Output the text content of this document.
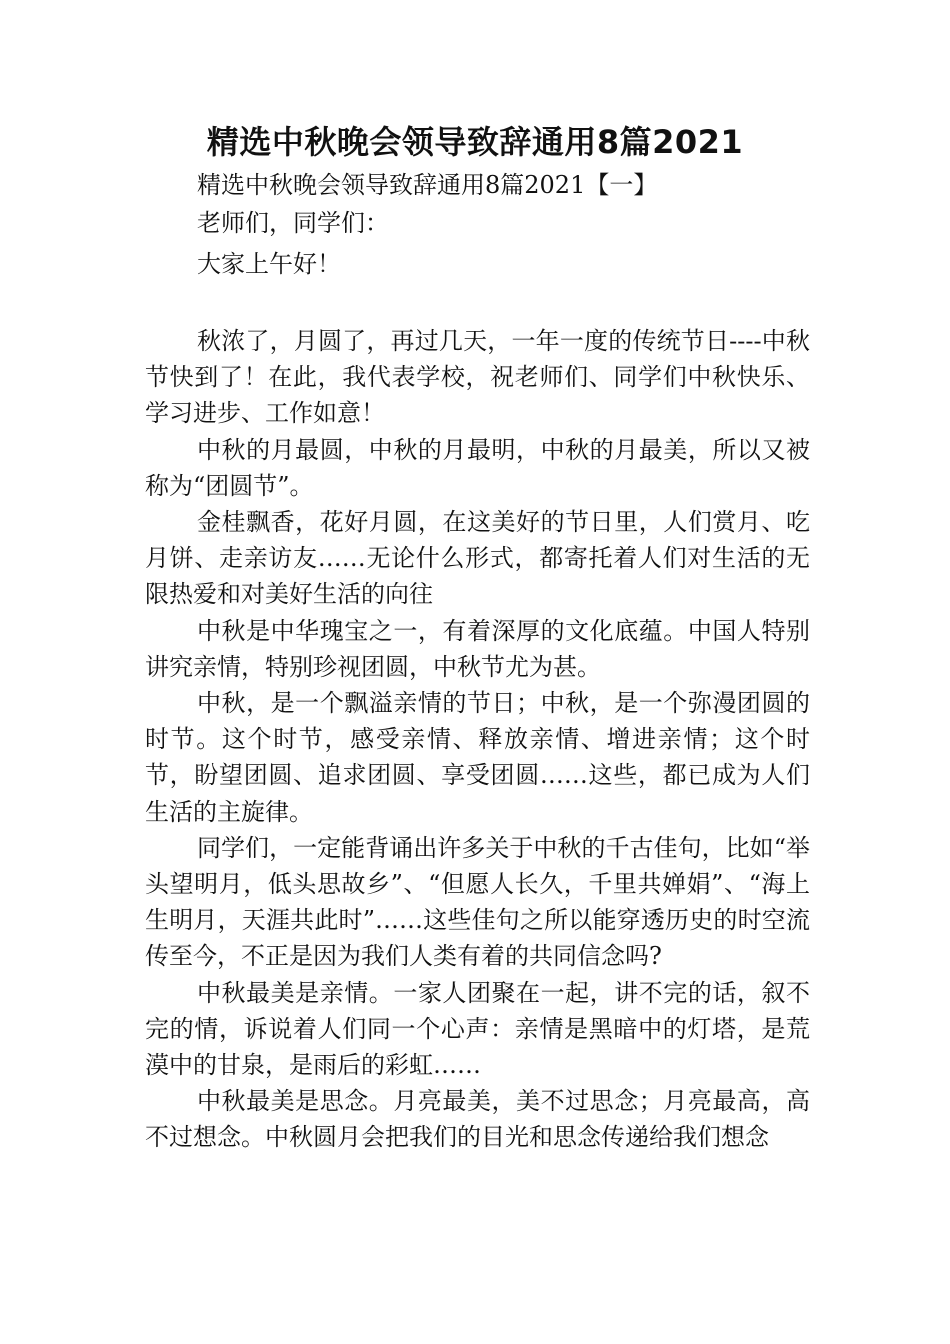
精选中秋晚会领导致辞通用8篇2021
精选中秋晚会领导致辞通用8篇2021【一】
老师们，同学们：
大家上午好！

秋浓了，月圆了，再过几天，一年一度的传统节日----中秋节快到了！在此，我代表学校，祝老师们、同学们中秋快乐、学习进步、工作如意！

中秋的月最圆，中秋的月最明，中秋的月最美，所以又被称为“团圆节”。

金桂飘香，花好月圆，在这美好的节日里，人们赏月、吃月饼、走亲访友……无论什么形式，都寄托着人们对生活的无限热爱和对美好生活的向往

中秋是中华瑰宝之一，有着深厚的文化底蕴。中国人特别讲究亲情，特别珍视团圆，中秋节尤为甚。

中秋，是一个飘溢亲情的节日；中秋，是一个弥漫团圆的时节。这个时节，感受亲情、释放亲情、增进亲情；这个时节，盼望团圆、追求团圆、享受团圆……这些，都已成为人们生活的主旋律。

同学们，一定能背诵出许多关于中秋的千古佳句，比如“举头望明月，低头思故乡”、“但愿人长久，千里共婵娟”、“海上生明月，天涯共此时”……这些佳句之所以能穿透历史的时空流传至今，不正是因为我们人类有着的共同信念吗?

中秋最美是亲情。一家人团聚在一起，讲不完的话，叙不完的情，诉说着人们同一个心声：亲情是黑暗中的灯塔，是荒漠中的甘泉，是雨后的彩虹……

中秋最美是思念。月亮最美，美不过思念；月亮最高，高不过想念。中秋圆月会把我们的目光和思念传递给我们想念
